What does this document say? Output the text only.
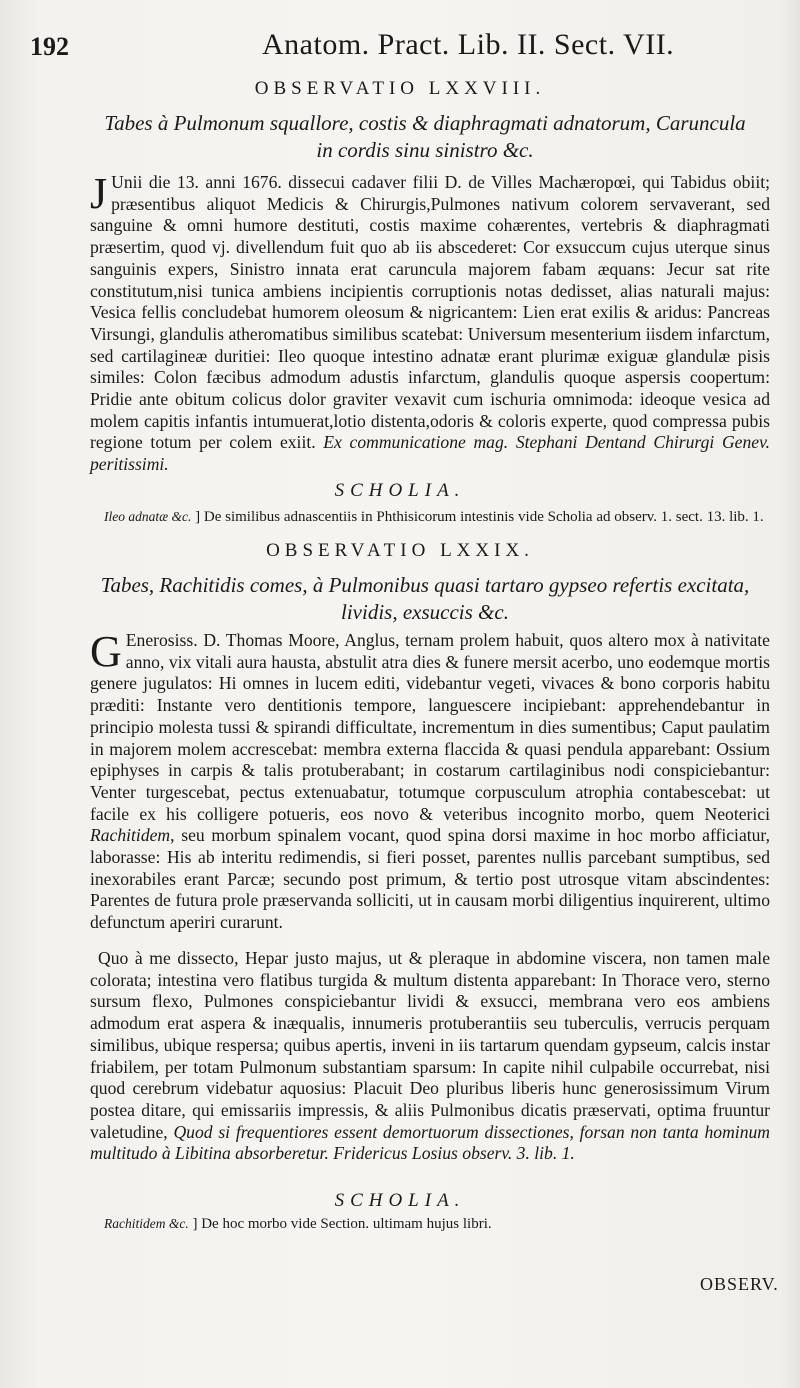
192	Anatom. Pract. Lib. II. Sect. VII.
OBSERVATIO LXXVIII.
Tabes à Pulmonum squallore, costis & diaphragmati adnatorum, Caruncula in cordis sinu sinistro &c.

J Unii die 13. anni 1676. dissecui cadaver filii D. de Villes Machæropœi, qui Tabidus obiit; præsentibus aliquot Medicis & Chirurgis,Pulmones nativum colorem servaverant, sed sanguine & omni humore destituti, costis maxime cohærentes, vertebris & diaphragmati præsertim, quod vj. divellendum fuit quo ab iis abscederet: Cor exsuccum cujus uterque sinus sanguinis expers, Sinistro innata erat caruncula majorem fabam æquans: Jecur sat rite constitutum,nisi tunica ambiens incipientis corruptionis notas dedisset, alias naturali majus: Vesica fellis concludebat humorem oleosum & nigricantem: Lien erat exilis & aridus: Pancreas Virsungi, glandulis atheromatibus similibus scatebat: Universum mesenterium iisdem infarctum, sed cartilagineæ duritiei: Ileo quoque intestino adnatæ erant plurimæ exiguæ glandulæ pisis similes: Colon fæcibus admodum adustis infarctum, glandulis quoque aspersis coopertum: Pridie ante obitum colicus dolor graviter vexavit cum ischuria omnimoda: ideoque vesica ad molem capitis infantis intumuerat,lotio distenta,odoris & coloris experte, quod compressa pubis regione totum per colem exiit. Ex communicatione mag. Stephani Dentand Chirurgi Genev. peritissimi.

SCHOLIA.
Ileo adnatæ &c. ] De similibus adnascentiis in Phthisicorum intestinis vide Scholia ad observ. 1. sect. 13. lib. 1.
OBSERVATIO LXXIX.
Tabes, Rachitidis comes, à Pulmonibus quasi tartaro gypseo refertis excitata, lividis, exsuccis &c.

G Enerosiss. D. Thomas Moore, Anglus, ternam prolem habuit, quos altero mox à nativitate anno, vix vitali aura hausta, abstulit atra dies & funere mersit acerbo, uno eodemque mortis genere jugulatos: Hi omnes in lucem editi, videbantur vegeti, vivaces & bono corporis habitu præditi: Instante vero dentitionis tempore, languescere incipiebant: apprehendebantur in principio molesta tussi & spirandi difficultate, incrementum in dies sumentibus; Caput paulatim in majorem molem accrescebat: membra externa flaccida & quasi pendula apparebant: Ossium epiphyses in carpis & talis protuberabant; in costarum cartilaginibus nodi conspiciebantur: Venter turgescebat, pectus extenuabatur, totumque corpusculum atrophia contabescebat: ut facile ex his colligere potueris, eos novo & veteribus incognito morbo, quem Neoterici Rachitidem, seu morbum spinalem vocant, quod spina dorsi maxime in hoc morbo afficiatur, laborasse: His ab interitu redimendis, si fieri posset, parentes nullis parcebant sumptibus, sed inexorabiles erant Parcæ; secundo post primum, & tertio post utrosque vitam abscindentes: Parentes de futura prole præservanda solliciti, ut in causam morbi diligentius inquirerent, ultimo defunctum aperiri curarunt.

Quo à me dissecto, Hepar justo majus, ut & pleraque in abdomine viscera, non tamen male colorata; intestina vero flatibus turgida & multum distenta apparebant: In Thorace vero, sterno sursum flexo, Pulmones conspiciebantur lividi & exsucci, membrana vero eos ambiens admodum erat aspera & inæqualis, innumeris protuberantiis seu tuberculis, verrucis perquam similibus, ubique respersa; quibus apertis, inveni in iis tartarum quendam gypseum, calcis instar friabilem, per totam Pulmonum substantiam sparsum: In capite nihil culpabile occurrebat, nisi quod cerebrum videbatur aquosius: Placuit Deo pluribus liberis hunc generosissimum Virum postea ditare, qui emissariis impressis, & aliis Pulmonibus dicatis præservati, optima fruuntur valetudine, Quod si frequentiores essent demortuorum dissectiones, forsan non tanta hominum multitudo à Libitina absorberetur. Fridericus Losius observ. 3. lib. 1.

SCHOLIA.
Rachitidem &c. ] De hoc morbo vide Section. ultimam hujus libri.
OBSERV.
